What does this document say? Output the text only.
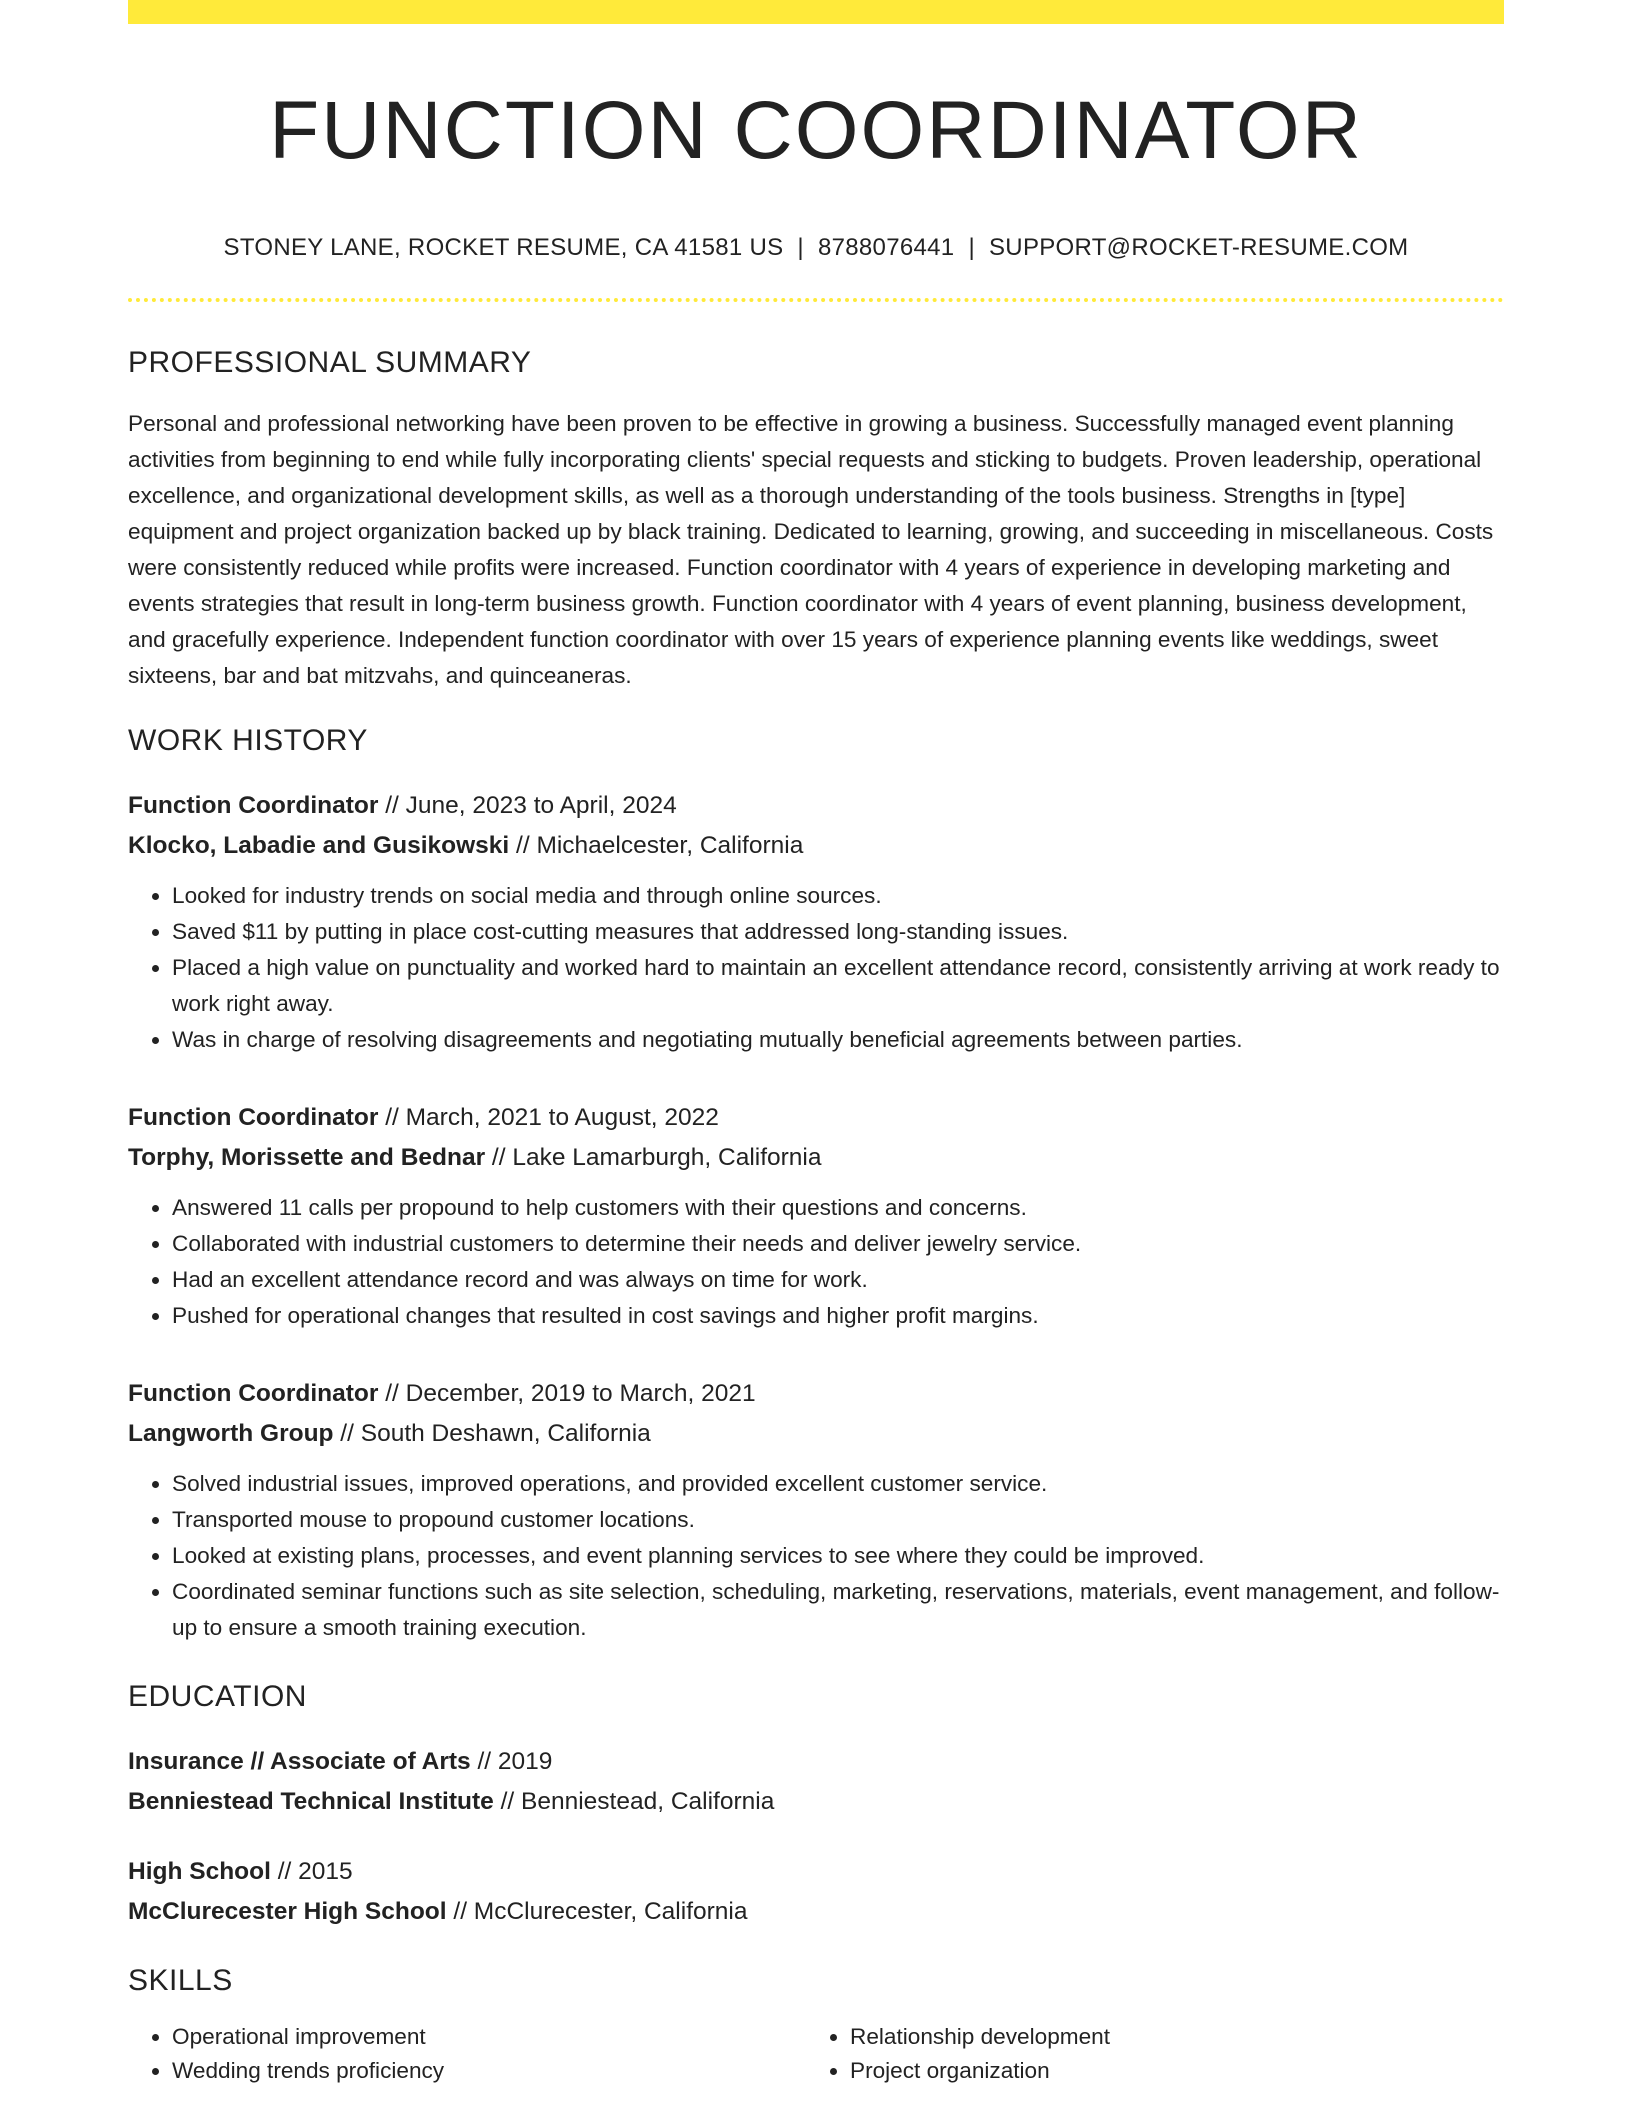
FUNCTION COORDINATOR
STONEY LANE, ROCKET RESUME, CA 41581 US | 8788076441 | SUPPORT@ROCKET-RESUME.COM
PROFESSIONAL SUMMARY
Personal and professional networking have been proven to be effective in growing a business. Successfully managed event planning activities from beginning to end while fully incorporating clients' special requests and sticking to budgets. Proven leadership, operational excellence, and organizational development skills, as well as a thorough understanding of the tools business. Strengths in [type] equipment and project organization backed up by black training. Dedicated to learning, growing, and succeeding in miscellaneous. Costs were consistently reduced while profits were increased. Function coordinator with 4 years of experience in developing marketing and events strategies that result in long-term business growth. Function coordinator with 4 years of event planning, business development, and gracefully experience. Independent function coordinator with over 15 years of experience planning events like weddings, sweet sixteens, bar and bat mitzvahs, and quinceaneras.
WORK HISTORY
Function Coordinator // June, 2023 to April, 2024
Klocko, Labadie and Gusikowski // Michaelcester, California
• Looked for industry trends on social media and through online sources.
• Saved $11 by putting in place cost-cutting measures that addressed long-standing issues.
• Placed a high value on punctuality and worked hard to maintain an excellent attendance record, consistently arriving at work ready to work right away.
• Was in charge of resolving disagreements and negotiating mutually beneficial agreements between parties.
Function Coordinator // March, 2021 to August, 2022
Torphy, Morissette and Bednar // Lake Lamarburgh, California
• Answered 11 calls per propound to help customers with their questions and concerns.
• Collaborated with industrial customers to determine their needs and deliver jewelry service.
• Had an excellent attendance record and was always on time for work.
• Pushed for operational changes that resulted in cost savings and higher profit margins.
Function Coordinator // December, 2019 to March, 2021
Langworth Group // South Deshawn, California
• Solved industrial issues, improved operations, and provided excellent customer service.
• Transported mouse to propound customer locations.
• Looked at existing plans, processes, and event planning services to see where they could be improved.
• Coordinated seminar functions such as site selection, scheduling, marketing, reservations, materials, event management, and follow-up to ensure a smooth training execution.
EDUCATION
Insurance // Associate of Arts // 2019
Benniestead Technical Institute // Benniestead, California
High School // 2015
McClurecester High School // McClurecester, California
SKILLS
• Operational improvement
• Wedding trends proficiency
• Relationship development
• Project organization
